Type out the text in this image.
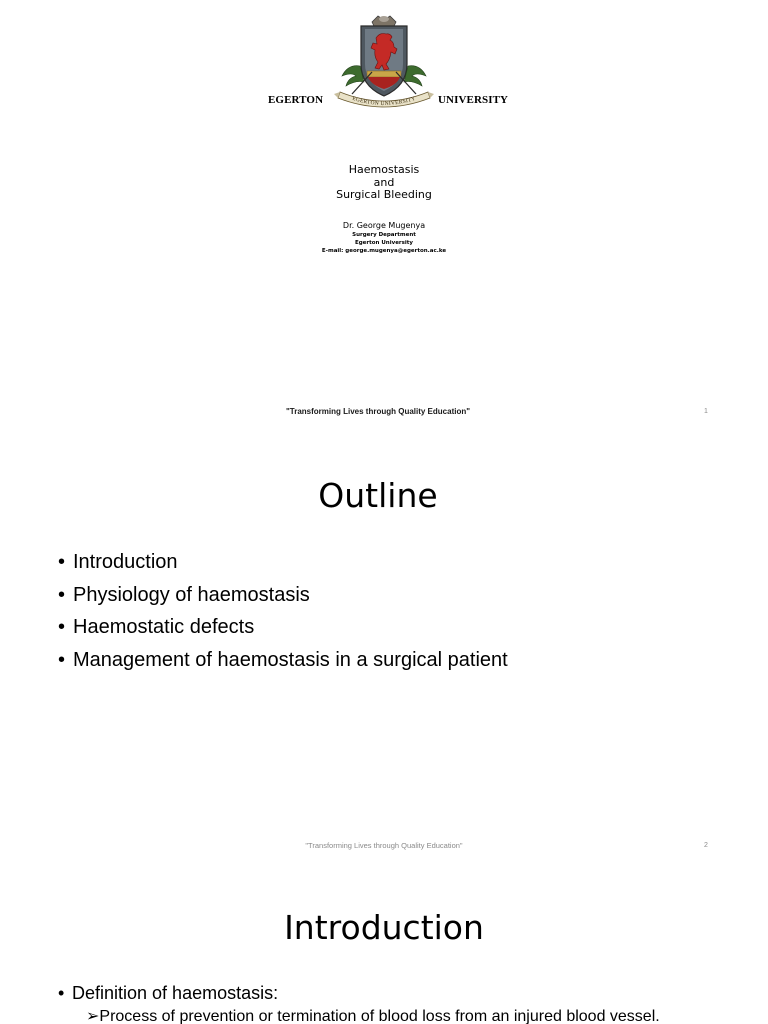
EGERTON UNIVERSITY
EGERTON	UNIVERSITY
Haemostasis
and
Surgical Bleeding
Dr. George Mugenya
Surgery Department
Egerton University
E-mail: george.mugenya@egerton.ac.ke
"Transforming Lives through Quality Education"	1
Outline
• Introduction
• Physiology of haemostasis
• Haemostatic defects
• Management of haemostasis in a surgical patient
"Transforming Lives through Quality Education"	2
Introduction
• Definition of haemostasis:
➢Process of prevention or termination of blood loss from an injured blood vessel.
